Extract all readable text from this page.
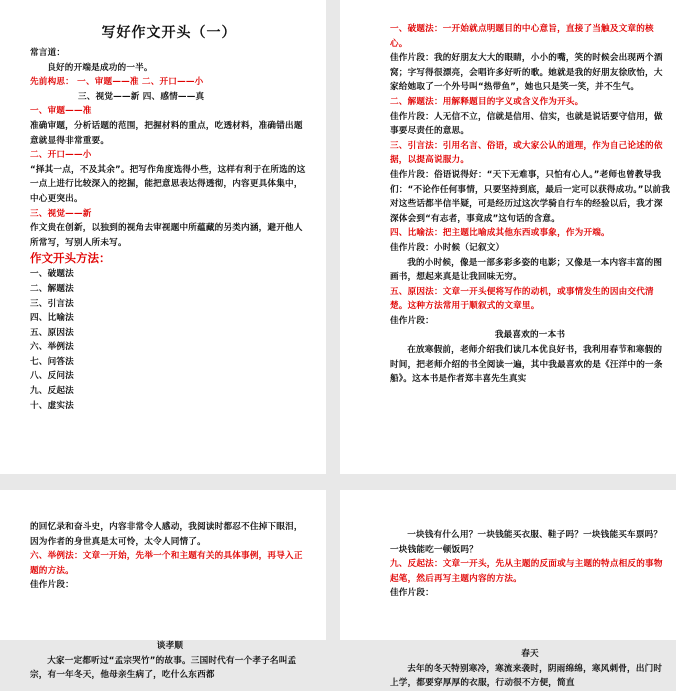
写好作文开头（一）

常言道：

良好的开端是成功的一半。

先前构思： 一、审题——准 二、开口——小

三、视觉——新 四、感情——真

一、审题——准

准确审题，分析话题的范围，把握材料的重点，吃透材料，准确错出题意就显得非常重要。

二、开口——小

“择其一点，不及其余”。把写作角度选得小些，这样有利于在所选的这一点上进行比较深入的挖掘，能把意思表达得透彻，内容更具体集中，中心更突出。

三、视觉——新

作文贵在创新，以独到的视角去审视题中所蕴藏的另类内涵，避开他人所常写，写别人所未写。

作文开头方法：

一、破题法

二、解题法

三、引言法

四、比喻法

五、原因法

六、举例法

七、问答法

八、反问法

九、反起法

十、虚实法

一、破题法：一开始就点明题目的中心意旨，直接了当触及文章的核心。

佳作片段：我的好朋友大大的眼睛，小小的嘴，笑的时候会出现两个酒窝；字写得很漂亮，会唱许多好听的歌。她就是我的好朋友徐欣怡，大家给她取了一个外号叫“热带鱼”，她也只是笑一笑，并不生气。

二、解题法：用解释题目的字义或含义作为开头。

佳作片段：人无信不立，信就是信用、信实，也就是说话要守信用，做事要尽责任的意思。

三、引言法：引用名言、俗语，或大家公认的道理，作为自己论述的依据，以提高说服力。

佳作片段：俗语说得好：“天下无难事，只怕有心人。”老师也曾教导我们：“不论作任何事情，只要坚持到底，最后一定可以获得成功。”以前我对这些话都半信半疑，可是经历过这次学骑自行车的经验以后，我才深深体会到“有志者，事竟成”这句话的含意。

四、比喻法：把主题比喻成其他东西或事象，作为开端。

佳作片段：小时候（记叙文）

我的小时候，像是一部多彩多姿的电影；又像是一本内容丰富的图画书，想起来真是让我回味无穷。

五、原因法：文章一开头便将写作的动机，或事情发生的因由交代清楚。这种方法常用于顺叙式的文章里。

佳作片段：

我最喜欢的一本书

在放寒假前，老师介绍我们读几本优良好书，我利用春节和寒假的时间，把老师介绍的书全阅读一遍，其中我最喜欢的是《汪洋中的一条船》。这本书是作者郑丰喜先生真实

的回忆录和奋斗史，内容非常令人感动，我阅读时都忍不住掉下眼泪，因为作者的身世真是太可怜，太令人同情了。

六、举例法：文章一开始，先举一个和主题有关的具体事例，再导入正题的方法。

佳作片段：

谈孝顺

大家一定都听过“孟宗哭竹”的故事。三国时代有一个孝子名叫孟宗，有一年冬天，他母亲生病了，吃什么东西都

一块钱有什么用？一块钱能买衣服、鞋子吗？一块钱能买车票吗？一块钱能吃一顿饭吗？

九、反起法：文章一开头，先从主题的反面或与主题的特点相反的事物起笔，然后再写主题内容的方法。

佳作片段：

春天

去年的冬天特别寒冷，寒流来袭时，阴雨绵绵，寒风刺骨，出门时上学，都要穿厚厚的衣服，行动很不方便，简直
